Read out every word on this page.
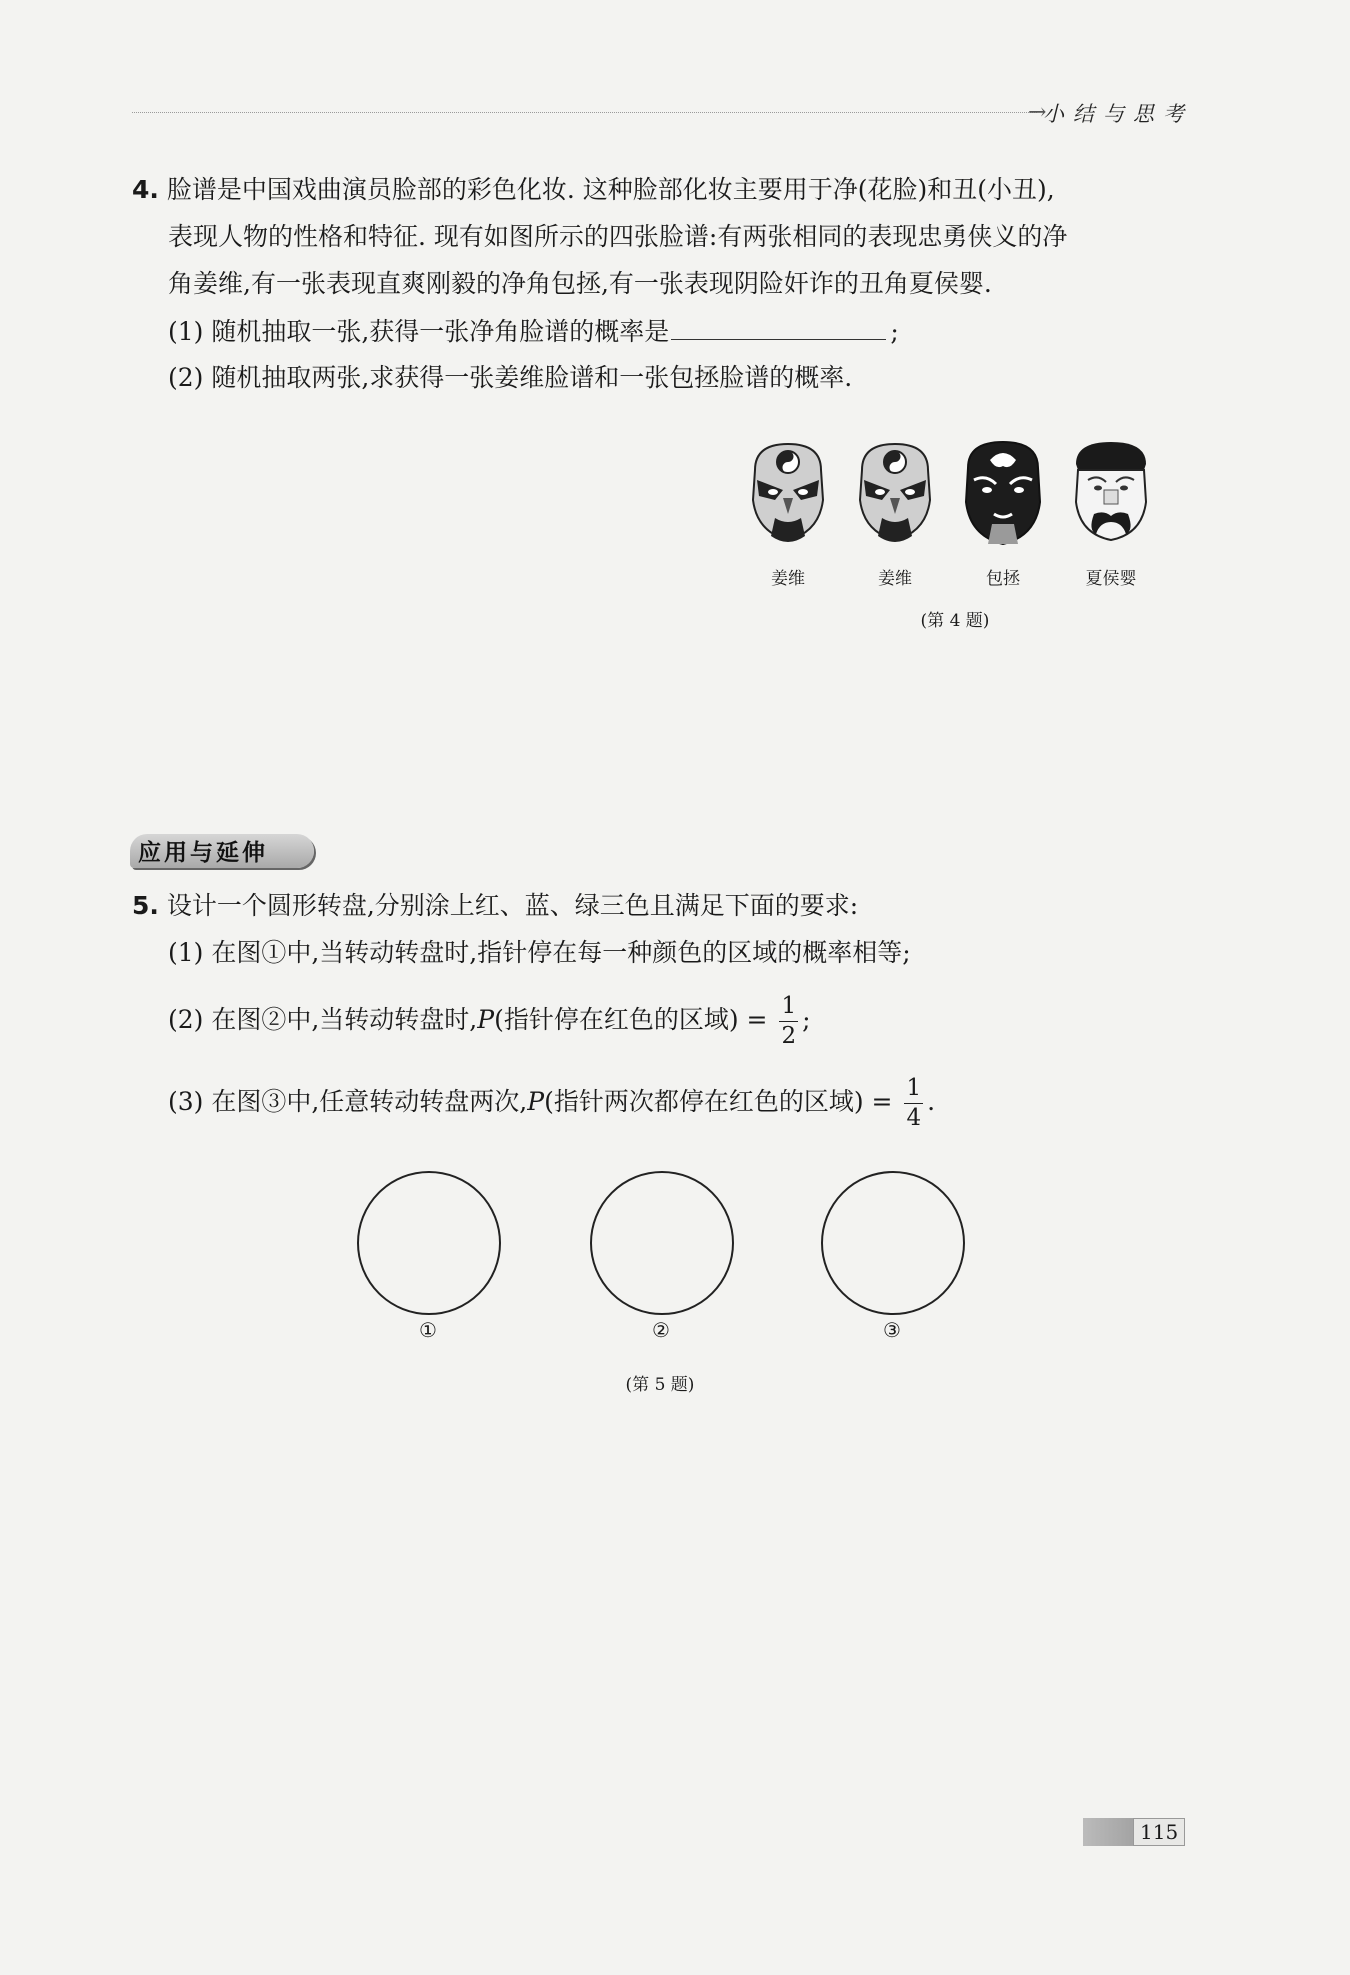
→
小结与思考
4. 脸谱是中国戏曲演员脸部的彩色化妆. 这种脸部化妆主要用于净(花脸)和丑(小丑),
表现人物的性格和特征. 现有如图所示的四张脸谱:有两张相同的表现忠勇侠义的净
角姜维,有一张表现直爽刚毅的净角包拯,有一张表现阴险奸诈的丑角夏侯婴.
(1) 随机抽取一张,获得一张净角脸谱的概率是	;
(2) 随机抽取两张,求获得一张姜维脸谱和一张包拯脸谱的概率.
姜维	姜维	包拯	夏侯婴
(第 4 题)
应用与延伸
5. 设计一个圆形转盘,分别涂上红、蓝、绿三色且满足下面的要求:
(1) 在图①中,当转动转盘时,指针停在每一种颜色的区域的概率相等;
(2) 在图②中,当转动转盘时,P(指针停在红色的区域) = $\frac{1}{2}$ ;
(3) 在图③中,任意转动转盘两次,P(指针两次都停在红色的区域) = $\frac{1}{4}$ .
①	②	③
(第 5 题)
115
